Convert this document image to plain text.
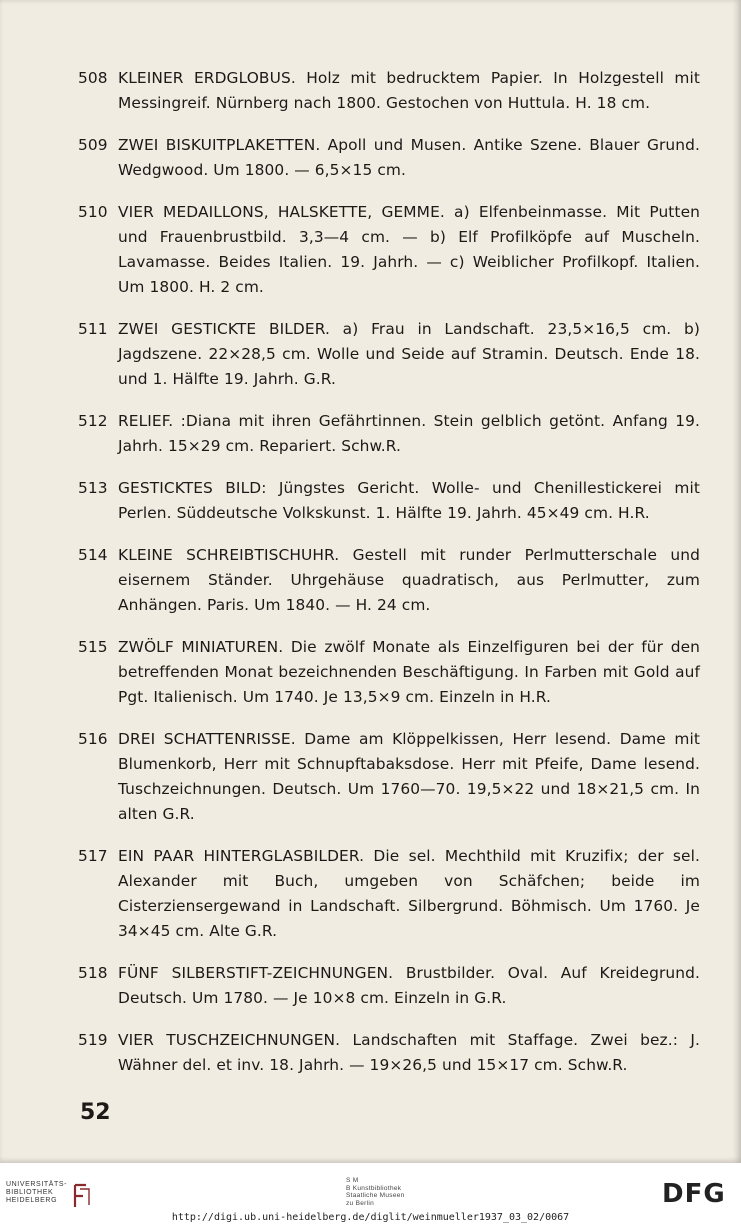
508 KLEINER ERDGLOBUS. Holz mit bedrucktem Papier. In Holzgestell mit Messingreif. Nürnberg nach 1800. Gestochen von Huttula. H. 18 cm.
509 ZWEI BISKUITPLAKETTEN. Apoll und Musen. Antike Szene. Blauer Grund. Wedgwood. Um 1800. — 6,5×15 cm.
510 VIER MEDAILLONS, HALSKETTE, GEMME. a) Elfenbeinmasse. Mit Putten und Frauenbrustbild. 3,3—4 cm. — b) Elf Profilköpfe auf Muscheln. Lavamasse. Beides Italien. 19. Jahrh. — c) Weiblicher Profilkopf. Italien. Um 1800. H. 2 cm.
511 ZWEI GESTICKTE BILDER. a) Frau in Landschaft. 23,5×16,5 cm. b) Jagdszene. 22×28,5 cm. Wolle und Seide auf Stramin. Deutsch. Ende 18. und 1. Hälfte 19. Jahrh. G.R.
512 RELIEF. :Diana mit ihren Gefährtinnen. Stein gelblich getönt. Anfang 19. Jahrh. 15×29 cm. Repariert. Schw.R.
513 GESTICKTES BILD: Jüngstes Gericht. Wolle- und Chenillestickerei mit Perlen. Süddeutsche Volkskunst. 1. Hälfte 19. Jahrh. 45×49 cm. H.R.
514 KLEINE SCHREIBTISCHUHR. Gestell mit runder Perlmutterschale und eisernem Ständer. Uhrgehäuse quadratisch, aus Perlmutter, zum Anhängen. Paris. Um 1840. — H. 24 cm.
515 ZWÖLF MINIATUREN. Die zwölf Monate als Einzelfiguren bei der für den betreffenden Monat bezeichnenden Beschäftigung. In Farben mit Gold auf Pgt. Italienisch. Um 1740. Je 13,5×9 cm. Einzeln in H.R.
516 DREI SCHATTENRISSE. Dame am Klöppelkissen, Herr lesend. Dame mit Blumenkorb, Herr mit Schnupftabaksdose. Herr mit Pfeife, Dame lesend. Tuschzeichnungen. Deutsch. Um 1760—70. 19,5×22 und 18×21,5 cm. In alten G.R.
517 EIN PAAR HINTERGLASBILDER. Die sel. Mechthild mit Kruzifix; der sel. Alexander mit Buch, umgeben von Schäfchen; beide im Cisterziensergewand in Landschaft. Silbergrund. Böhmisch. Um 1760. Je 34×45 cm. Alte G.R.
518 FÜNF SILBERSTIFT-ZEICHNUNGEN. Brustbilder. Oval. Auf Kreidegrund. Deutsch. Um 1780. — Je 10×8 cm. Einzeln in G.R.
519 VIER TUSCHZEICHNUNGEN. Landschaften mit Staffage. Zwei bez.: J. Wähner del. et inv. 18. Jahrh. — 19×26,5 und 15×17 cm. Schw.R.
52
UNIVERSITÄTS-
BIBLIOTHEK
HEIDELBERG
S M
B Kunstbibliothek
Staatliche Museen
zu Berlin	DFG
http://digi.ub.uni-heidelberg.de/diglit/weinmueller1937_03_02/0067
